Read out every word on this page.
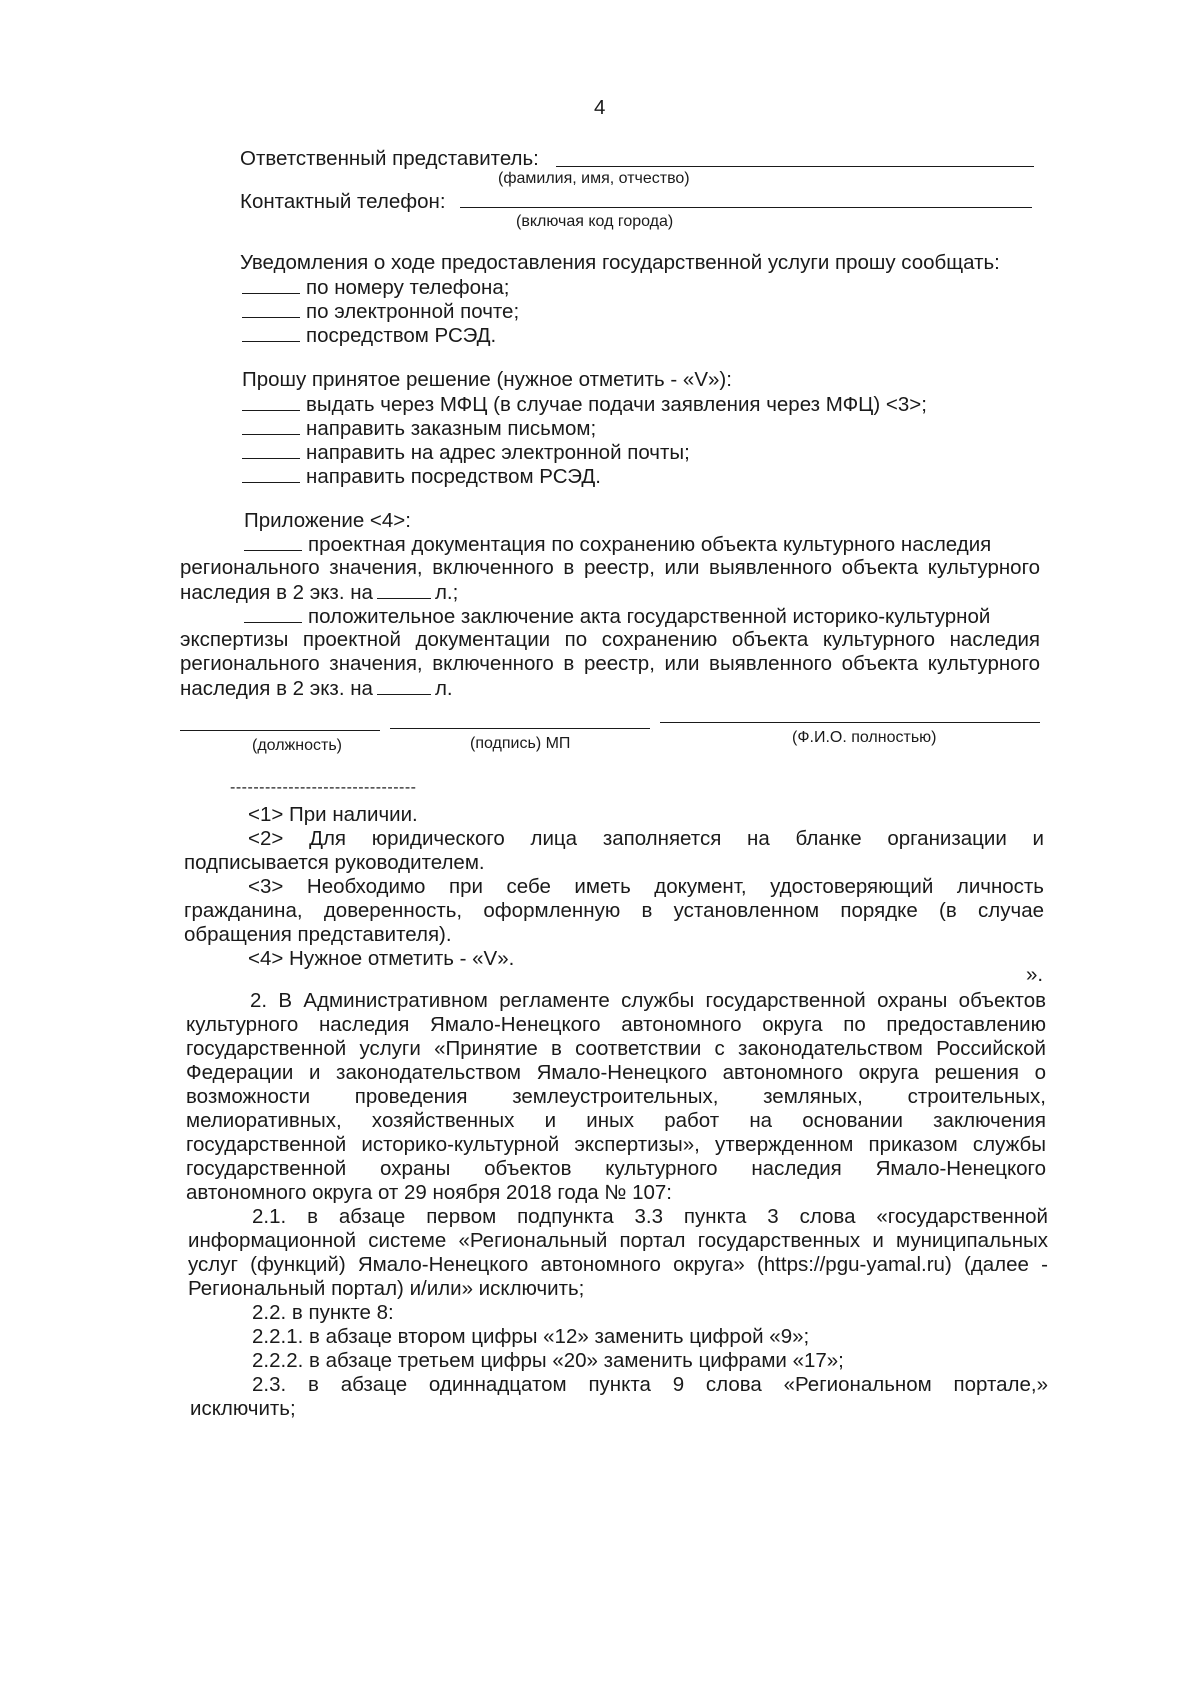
4
Ответственный представитель:
(фамилия, имя, отчество)
Контактный телефон:
(включая код города)
Уведомления о ходе предоставления государственной услуги прошу сообщать:
по номеру телефона;
по электронной почте;
посредством РСЭД.
Прошу принятое решение (нужное отметить - «V»):
выдать через МФЦ (в случае подачи заявления через МФЦ) <3>;
направить заказным письмом;
направить на адрес электронной почты;
направить посредством РСЭД.
Приложение <4>:
проектная документация по сохранению объекта культурного наследия
регионального значения, включенного в реестр, или выявленного объекта культурного
наследия в 2 экз. на	л.;
положительное заключение акта государственной историко-культурной
экспертизы проектной документации по сохранению объекта культурного наследия
регионального значения, включенного в реестр, или выявленного объекта культурного
наследия в 2 экз. на	л.
(должность)	(подпись) МП	(Ф.И.О. полностью)
--------------------------------
<1> При наличии.
<2> Для юридического лица заполняется на бланке организации и
подписывается руководителем.
<3> Необходимо при себе иметь документ, удостоверяющий личность
гражданина, доверенность, оформленную в установленном порядке (в случае
обращения представителя).
<4> Нужное отметить - «V».
».
2. В Административном регламенте службы государственной охраны объектов
культурного наследия Ямало-Ненецкого автономного округа по предоставлению
государственной услуги «Принятие в соответствии с законодательством Российской
Федерации и законодательством Ямало-Ненецкого автономного округа решения о
возможности проведения землеустроительных, земляных, строительных,
мелиоративных, хозяйственных и иных работ на основании заключения
государственной историко-культурной экспертизы», утвержденном приказом службы
государственной охраны объектов культурного наследия Ямало-Ненецкого
автономного округа от 29 ноября 2018 года № 107:
2.1. в абзаце первом подпункта 3.3 пункта 3 слова «государственной
информационной системе «Региональный портал государственных и муниципальных
услуг (функций) Ямало-Ненецкого автономного округа» (https://pgu-yamal.ru) (далее -
Региональный портал) и/или» исключить;
2.2. в пункте 8:
2.2.1. в абзаце втором цифры «12» заменить цифрой «9»;
2.2.2. в абзаце третьем цифры «20» заменить цифрами «17»;
2.3. в абзаце одиннадцатом пункта 9 слова «Региональном портале,»
исключить;
